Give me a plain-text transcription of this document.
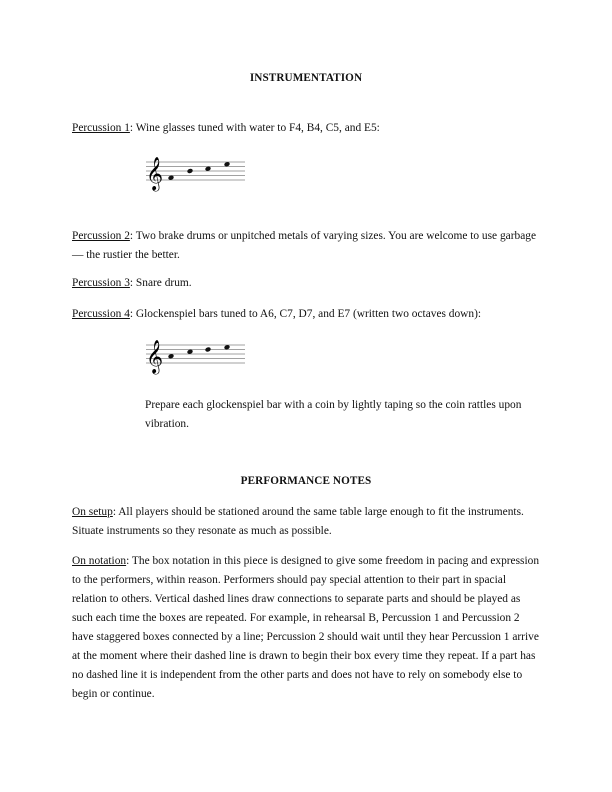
INSTRUMENTATION
Percussion 1: Wine glasses tuned with water to F4, B4, C5, and E5:
𝄞
Percussion 2: Two brake drums or unpitched metals of varying sizes. You are welcome to use garbage — the rustier the better.
Percussion 3: Snare drum.
Percussion 4: Glockenspiel bars tuned to A6, C7, D7, and E7 (written two octaves down):
𝄞
Prepare each glockenspiel bar with a coin by lightly taping so the coin rattles upon vibration.
PERFORMANCE NOTES
On setup: All players should be stationed around the same table large enough to fit the instruments. Situate instruments so they resonate as much as possible.
On notation: The box notation in this piece is designed to give some freedom in pacing and expression to the performers, within reason. Performers should pay special attention to their part in spacial relation to others. Vertical dashed lines draw connections to separate parts and should be played as such each time the boxes are repeated. For example, in rehearsal B, Percussion 1 and Percussion 2 have staggered boxes connected by a line; Percussion 2 should wait until they hear Percussion 1 arrive at the moment where their dashed line is drawn to begin their box every time they repeat. If a part has no dashed line it is independent from the other parts and does not have to rely on somebody else to begin or continue.
